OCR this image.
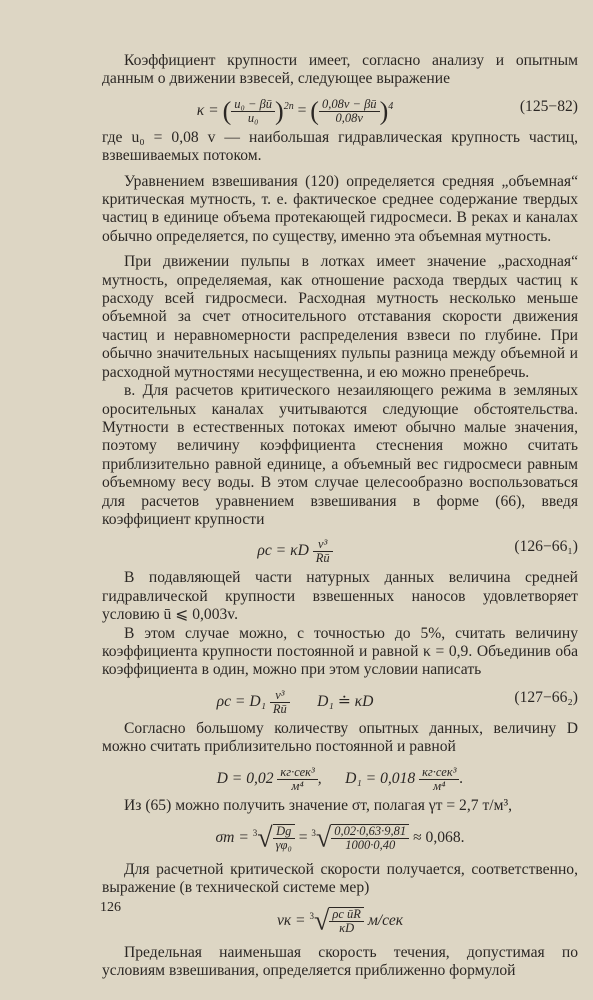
Коэффициент крупности имеет, согласно анализу и опытным данным о движении взвесей, следующее выражение

κ = ( $\frac{\text{u₀ − βū}}{\text{u₀}} )^{2n}$ = ( $\frac{0,08v - \beta ū}{0,08v} )^4$	(125−82)

где u₀ = 0,08 v — наибольшая гидравлическая крупность частиц, взвешиваемых потоком.

Уравнением взвешивания (120) определяется средняя „объемная“ критическая мутность, т. е. фактическое среднее содержание твердых частиц в единице объема протекающей гидросмеси. В реках и каналах обычно определяется, по существу, именно эта объемная мутность.

При движении пульпы в лотках имеет значение „расходная“ мутность, определяемая, как отношение расхода твердых частиц к расходу всей гидросмеси. Расходная мутность несколько меньше объемной за счет относительного отставания скорости движения частиц и неравномерности распределения взвеси по глубине. При обычно значительных насыщениях пульпы разница между объемной и расходной мутностями несущественна, и ею можно пренебречь.

в. Для расчетов критического незаиляющего режима в земляных оросительных каналах учитываются следующие обстоятельства. Мутности в естественных потоках имеют обычно малые значения, поэтому величину коэффициента стеснения можно считать приблизительно равной единице, а объемный вес гидросмеси равным объемному весу воды. В этом случае целесообразно воспользоваться для расчетов уравнением взвешивания в форме (66), введя коэффициент крупности

ρc = κD $\frac{\text{v³}}{Rū}$	(126−66₁)

В подавляющей части натурных данных величина средней гидравлической крупности взвешенных наносов удовлетворяет условию ū ⩽ 0,003v.

В этом случае можно, с точностью до 5%, считать величину коэффициента крупности постоянной и равной κ = 0,9. Объединив оба коэффициента в один, можно при этом условии написать

$\rho c = D_1 \frac{\text{v³}}{Rū} D_1$ ≐ κD	(127−66₂)

Согласно большому количеству опытных данных, величину D можно считать приблизительно постоянной и равной

$D = 0,02 \frac{\text{кг·сек³}}{\text{м⁴}}$ ,      $D_1 = 0,018 \frac{\text{кг·сек³}}{\text{м⁴}}$ .

Из (65) можно получить значение σт, полагая γт = 2,7 т/м³,

$\sigma т = ^3√ \frac{Dg}{\text{γφ₀}} = ^3√ \frac{0,02\cdot 0,63\cdot 9,81}{1000\cdot 0,40} \approx 0,068$.

Для расчетной критической скорости получается, соответственно, выражение (в технической системе мер)

vк = $^3√ \frac{\text{ρc ūR}}{\kappa D} м/сек$

Предельная наименьшая скорость течения, допустимая по условиям взвешивания, определяется приближенно формулой

126
